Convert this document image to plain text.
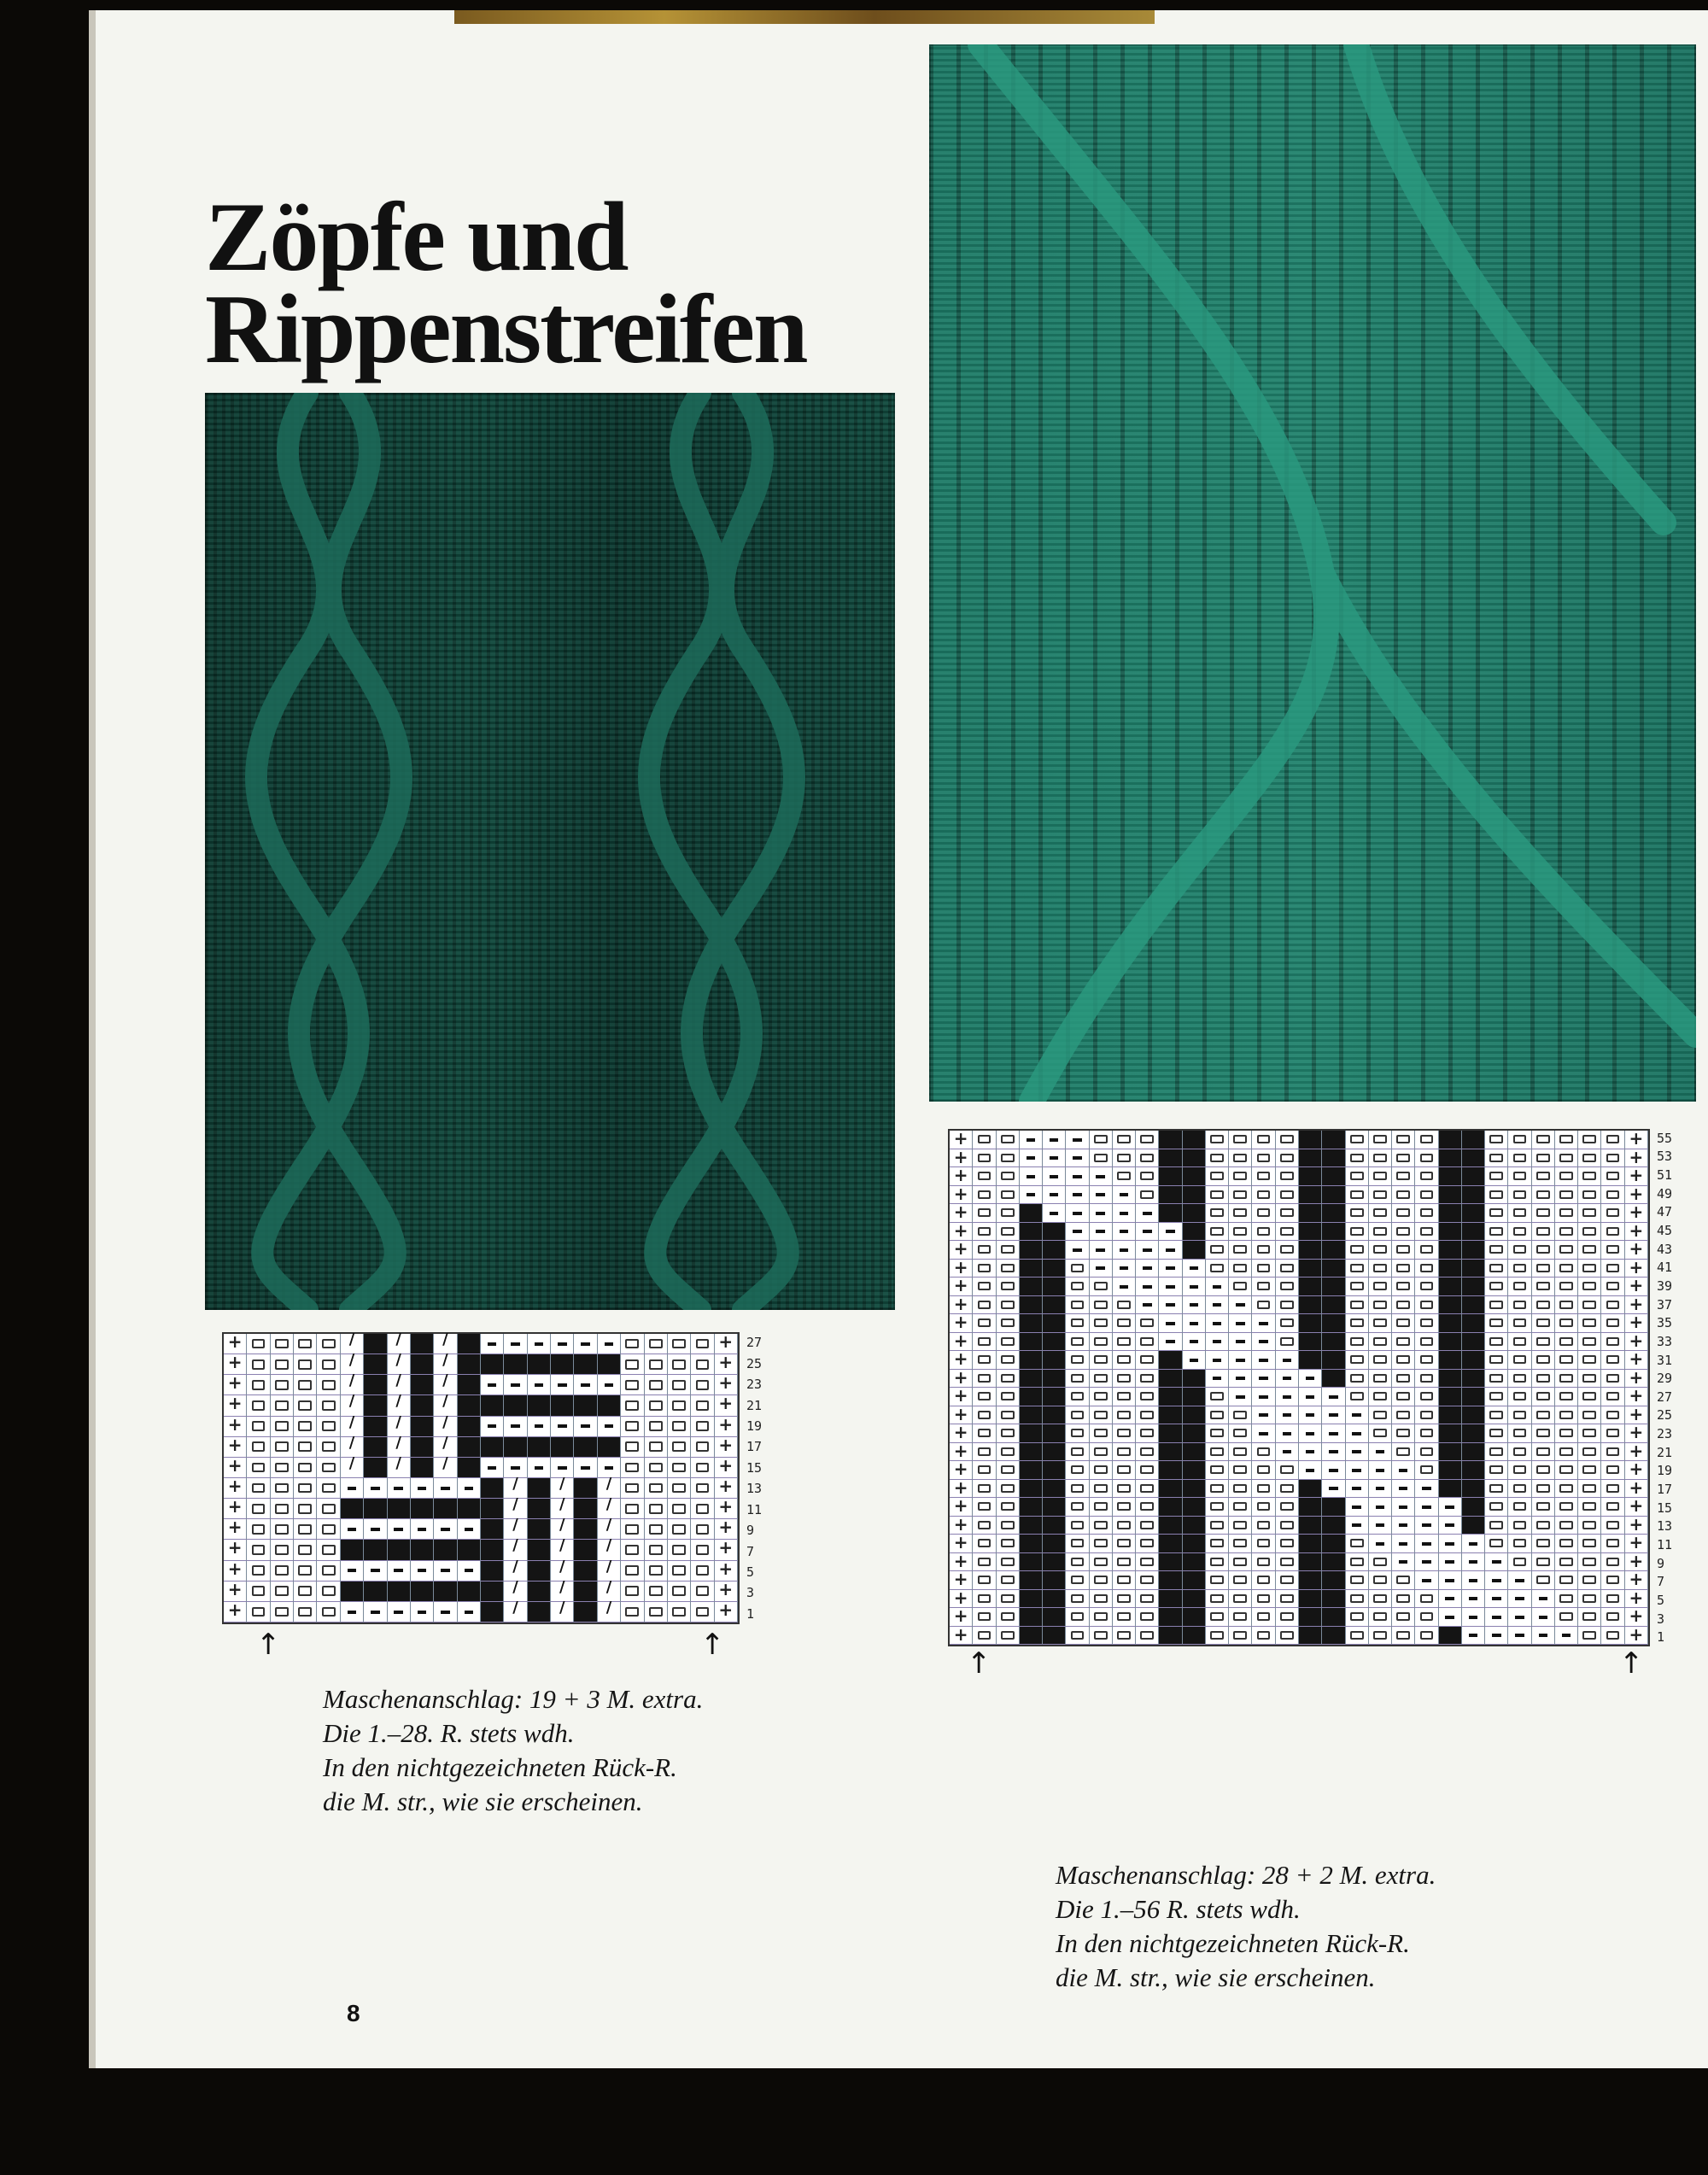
Zöpfe und
Rippenstreifen
+
/
/
/
+
+
/
/
/
+
+
/
/
/
+
+
/
/
/
+
+
/
/
/
+
+
/
/
/
+
+
/
/
/
+
+
/
/
/
+
+
/
/
/
+
+
/
/
/
+
+
/
/
/
+
+
/
/
/
+
+
/
/
/
+
+
/
/
/
+
27
25
23
21
19
17
15
13
11
9
7
5
3
1
↑	↑
Maschenanschlag: 19 + 3 M. extra.
Die 1.–28. R. stets wdh.
In den nichtgezeichneten Rück-R.
die M. str., wie sie erscheinen.
+
+
+
+
+
+
+
+
+
+
+
+
+
+
+
+
+
+
+
+
+
+
+
+
+
+
+
+
+
+
+
+
+
+
+
+
+
+
+
+
+
+
+
+
+
+
+
+
+
+
+
+
+
+
+
+
55
53
51
49
47
45
43
41
39
37
35
33
31
29
27
25
23
21
19
17
15
13
11
9
7
5
3
1
↑	↑
Maschenanschlag: 28 + 2 M. extra.
Die 1.–56 R. stets wdh.
In den nichtgezeichneten Rück-R.
die M. str., wie sie erscheinen.
8
